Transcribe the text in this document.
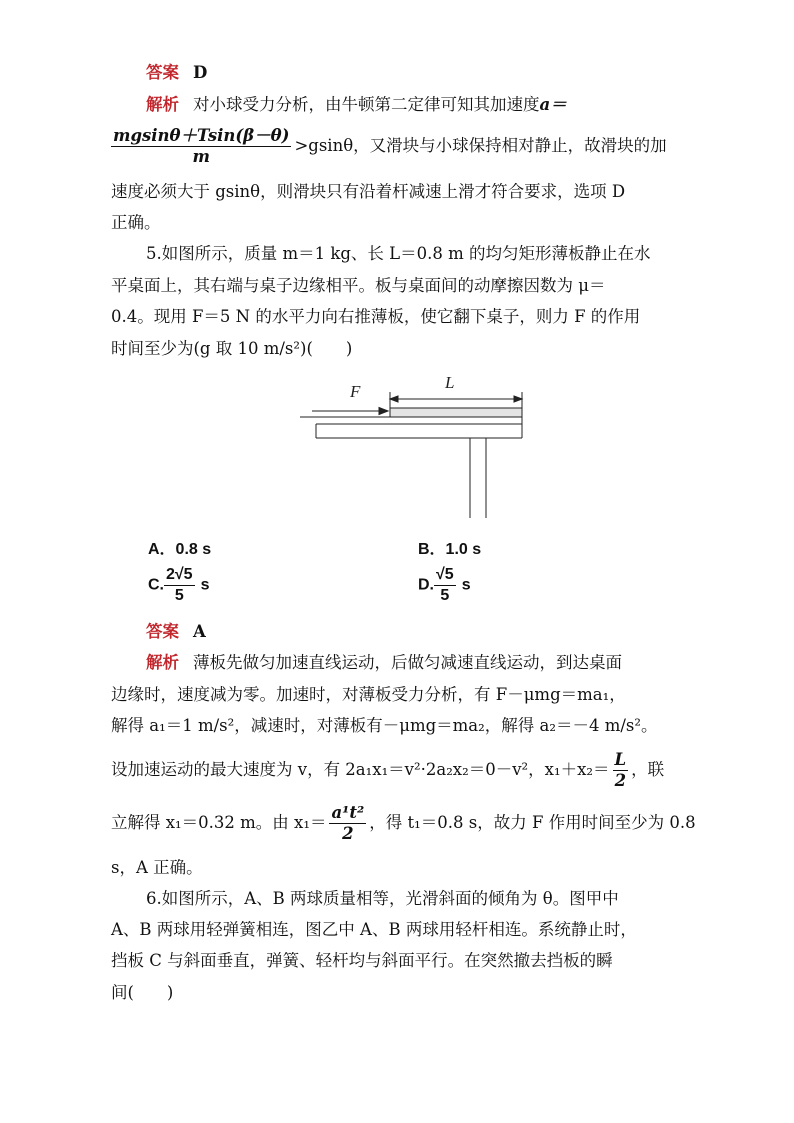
答案 D
解析 对小球受力分析，由牛顿第二定律可知其加速度a＝
$\frac{mgsin\theta+Tsin(\beta-\theta)}{m} >gsin\theta$，又滑块与小球保持相对静止，故滑块的加
速度必须大于 gsinθ，则滑块只有沿着杆减速上滑才符合要求，选项 D
正确。
5.如图所示，质量 m＝1 kg、长 L＝0.8 m 的均匀矩形薄板静止在水
平桌面上，其右端与桌子边缘相平。板与桌面间的动摩擦因数为 μ＝
0.4。现用 F＝5 N 的水平力向右推薄板，使它翻下桌子，则力 F 的作用
时间至少为(g 取 10 m/s²)(　　)
F	L
A．0.8 s	B．1.0 s
C. $\frac{2√5}{5}$ s	D. $\frac{√5}{5}$ s
答案 A
解析 薄板先做匀加速直线运动，后做匀减速直线运动，到达桌面
边缘时，速度减为零。加速时，对薄板受力分析，有 F－μmg＝ma₁，
解得 a₁＝1 m/s²，减速时，对薄板有－μmg＝ma₂，解得 a₂＝－4 m/s²。
设加速运动的最大速度为 v，有 2a₁x₁＝v²·2a₂x₂＝0－v²，$x_1+x_2= \frac{L}{2}$ ，联
立解得 x₁＝0.32 m。由 $x_1= \frac{\text{a¹t²}}{2}$ ，得 t₁＝0.8 s，故力 F 作用时间至少为 0.8
s，A 正确。
6.如图所示，A、B 两球质量相等，光滑斜面的倾角为 θ。图甲中
A、B 两球用轻弹簧相连，图乙中 A、B 两球用轻杆相连。系统静止时，
挡板 C 与斜面垂直，弹簧、轻杆均与斜面平行。在突然撤去挡板的瞬
间(　　)
